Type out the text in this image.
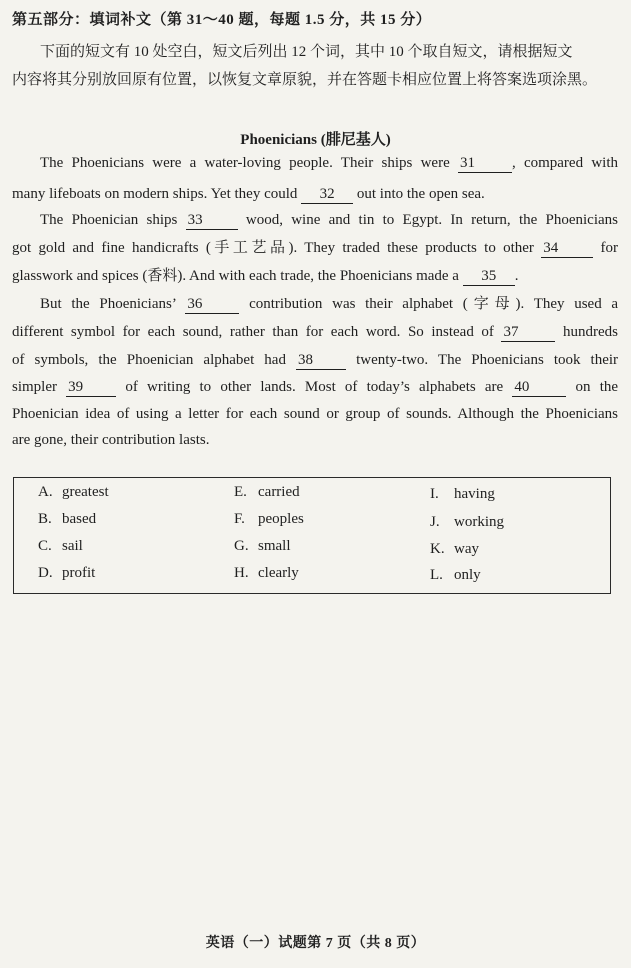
第五部分：填词补文（第 31～40 题，每题 1.5 分，共 15 分）
下面的短文有 10 处空白，短文后列出 12 个词，其中 10 个取自短文，请根据短文
内容将其分别放回原有位置，以恢复文章原貌，并在答题卡相应位置上将答案选项涂黑。
Phoenicians (腓尼基人)
The Phoenicians were a water-loving people. Their ships were 31 , compared with
many lifeboats on modern ships. Yet they could 32 out into the open sea.
The Phoenician ships 33	wood, wine and tin to Egypt. In return, the Phoenicians
got gold and fine handicrafts (手工艺品). They traded these products to other 34	for
glasswork and spices (香料). And with each trade, the Phoenicians made a 35 .
But the Phoenicians’ 36	contribution was their alphabet (字母). They used a
different symbol for each sound, rather than for each word. So instead of 37	hundreds
of symbols, the Phoenician alphabet had 38	twenty-two. The Phoenicians took their
simpler 39	of writing to other lands. Most of today’s alphabets are 40	on the
Phoenician idea of using a letter for each sound or group of sounds. Although the Phoenicians
are gone, their contribution lasts.
A. greatest
B. based
C. sail
D. profit
E. carried
F. peoples
G. small
H. clearly
I. having
J. working
K. way
L. only
英语（一）试题第 7 页（共 8 页）
